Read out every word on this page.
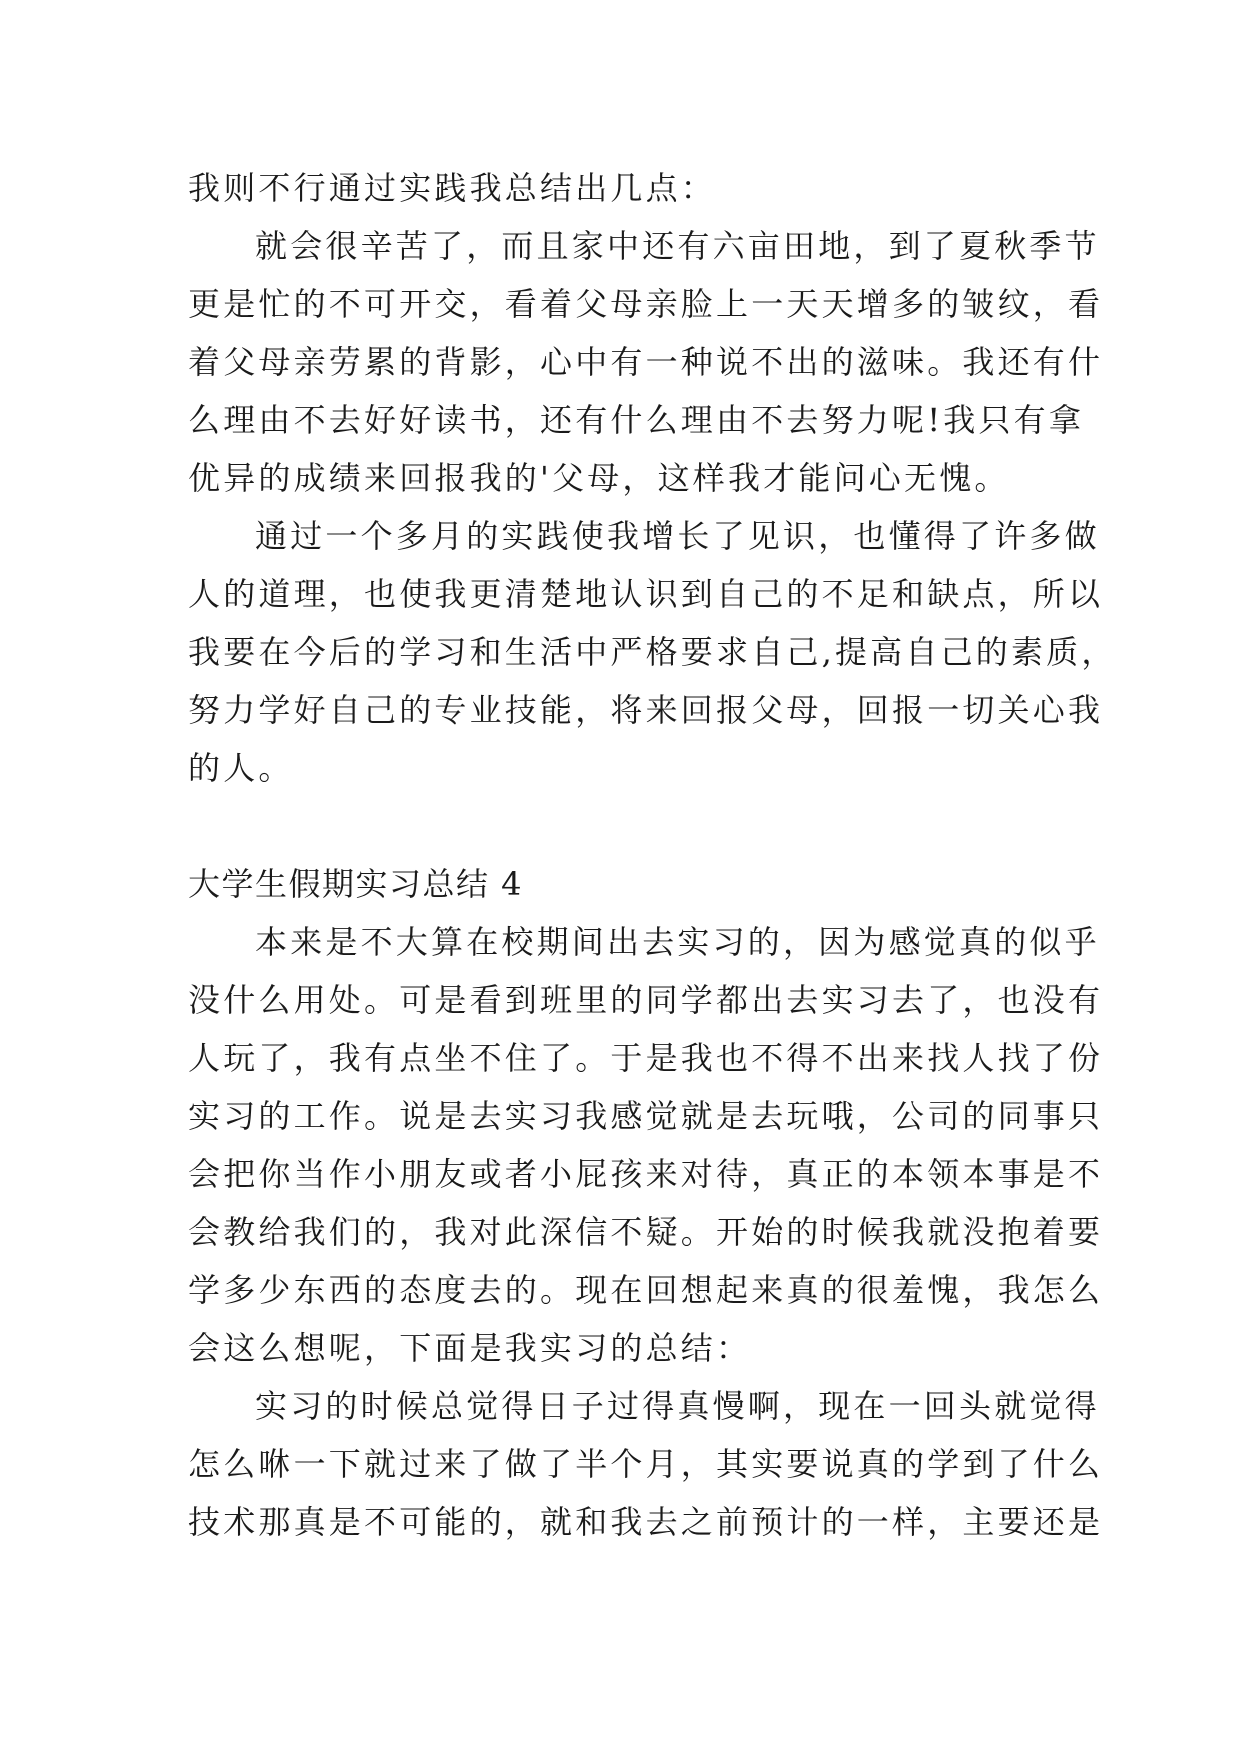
我则不行通过实践我总结出几点：
就会很辛苦了，而且家中还有六亩田地，到了夏秋季节
更是忙的不可开交，看着父母亲脸上一天天增多的皱纹，看
着父母亲劳累的背影，心中有一种说不出的滋味。我还有什
么理由不去好好读书，还有什么理由不去努力呢!我只有拿
优异的成绩来回报我的'父母，这样我才能问心无愧。
通过一个多月的实践使我增长了见识，也懂得了许多做
人的道理，也使我更清楚地认识到自己的不足和缺点，所以
我要在今后的学习和生活中严格要求自己,提高自己的素质，
努力学好自己的专业技能，将来回报父母，回报一切关心我
的人。
大学生假期实习总结 4
本来是不大算在校期间出去实习的，因为感觉真的似乎
没什么用处。可是看到班里的同学都出去实习去了，也没有
人玩了，我有点坐不住了。于是我也不得不出来找人找了份
实习的工作。说是去实习我感觉就是去玩哦，公司的同事只
会把你当作小朋友或者小屁孩来对待，真正的本领本事是不
会教给我们的，我对此深信不疑。开始的时候我就没抱着要
学多少东西的态度去的。现在回想起来真的很羞愧，我怎么
会这么想呢，下面是我实习的总结：
实习的时候总觉得日子过得真慢啊，现在一回头就觉得
怎么咻一下就过来了做了半个月，其实要说真的学到了什么
技术那真是不可能的，就和我去之前预计的一样，主要还是
